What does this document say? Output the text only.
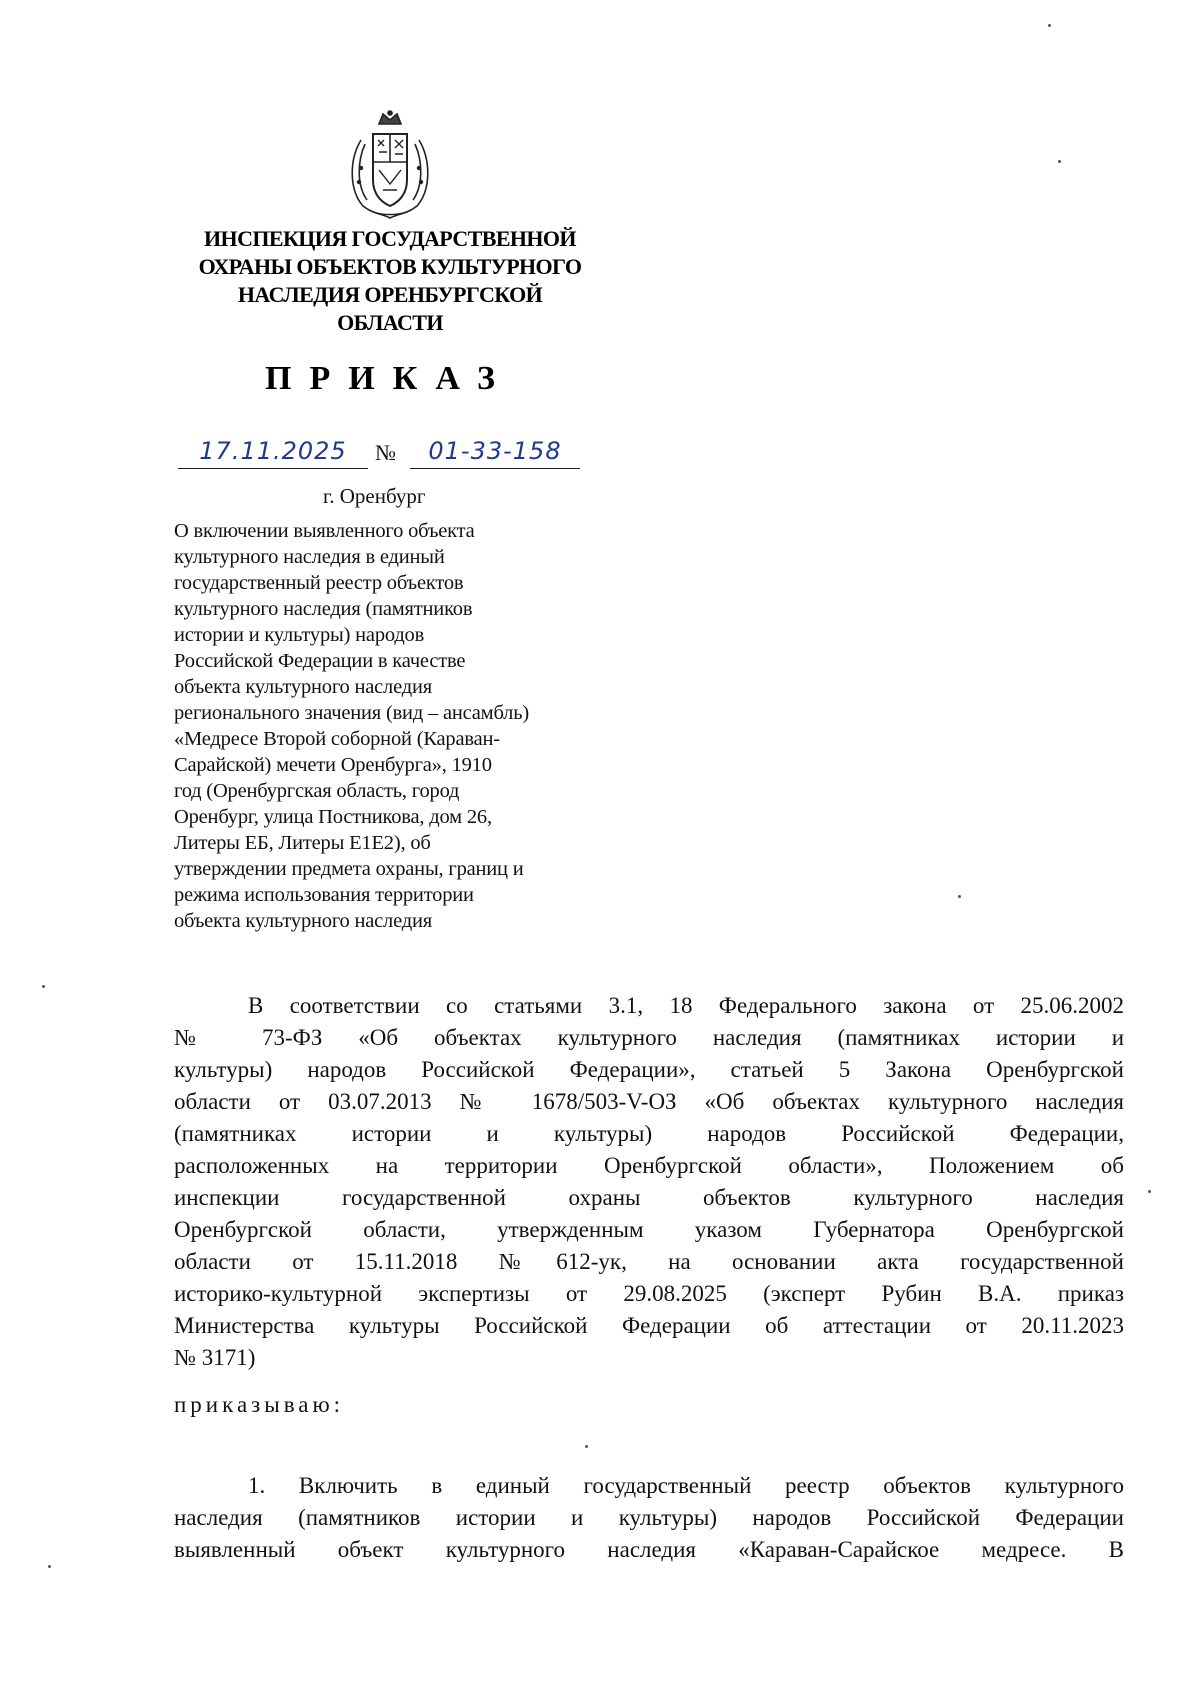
ИНСПЕКЦИЯ ГОСУДАРСТВЕННОЙ
ОХРАНЫ ОБЪЕКТОВ КУЛЬТУРНОГО
НАСЛЕДИЯ ОРЕНБУРГСКОЙ
ОБЛАСТИ
ПРИКАЗ
17.11.2025	№	01-33-158
г. Оренбург
О включении выявленного объекта
культурного наследия в единый
государственный реестр объектов
культурного наследия (памятников
истории и культуры) народов
Российской Федерации в качестве
объекта культурного наследия
регионального значения (вид – ансамбль)
«Медресе Второй соборной (Караван-
Сарайской) мечети Оренбурга», 1910
год (Оренбургская область, город
Оренбург, улица Постникова, дом 26,
Литеры ЕБ, Литеры Е1Е2), об
утверждении предмета охраны, границ и
режима использования территории
объекта культурного наследия
В соответствии со статьями 3.1, 18 Федерального закона от 25.06.2002
№ 73-ФЗ «Об объектах культурного наследия (памятниках истории и
культуры) народов Российской Федерации», статьей 5 Закона Оренбургской
области от 03.07.2013 № 1678/503-V-ОЗ «Об объектах культурного наследия
(памятниках истории и культуры) народов Российской Федерации,
расположенных на территории Оренбургской области», Положением об
инспекции государственной охраны объектов культурного наследия
Оренбургской области, утвержденным указом Губернатора Оренбургской
области от 15.11.2018 №612-ук, на основании акта государственной
историко-культурной экспертизы от 29.08.2025 (эксперт Рубин В.А. приказ
Министерства культуры Российской Федерации об аттестации от 20.11.2023
№ 3171)
приказываю:
1. Включить в единый государственный реестр объектов культурного
наследия (памятников истории и культуры) народов Российской Федерации
выявленный объект культурного наследия «Караван-Сарайское медресе. В
